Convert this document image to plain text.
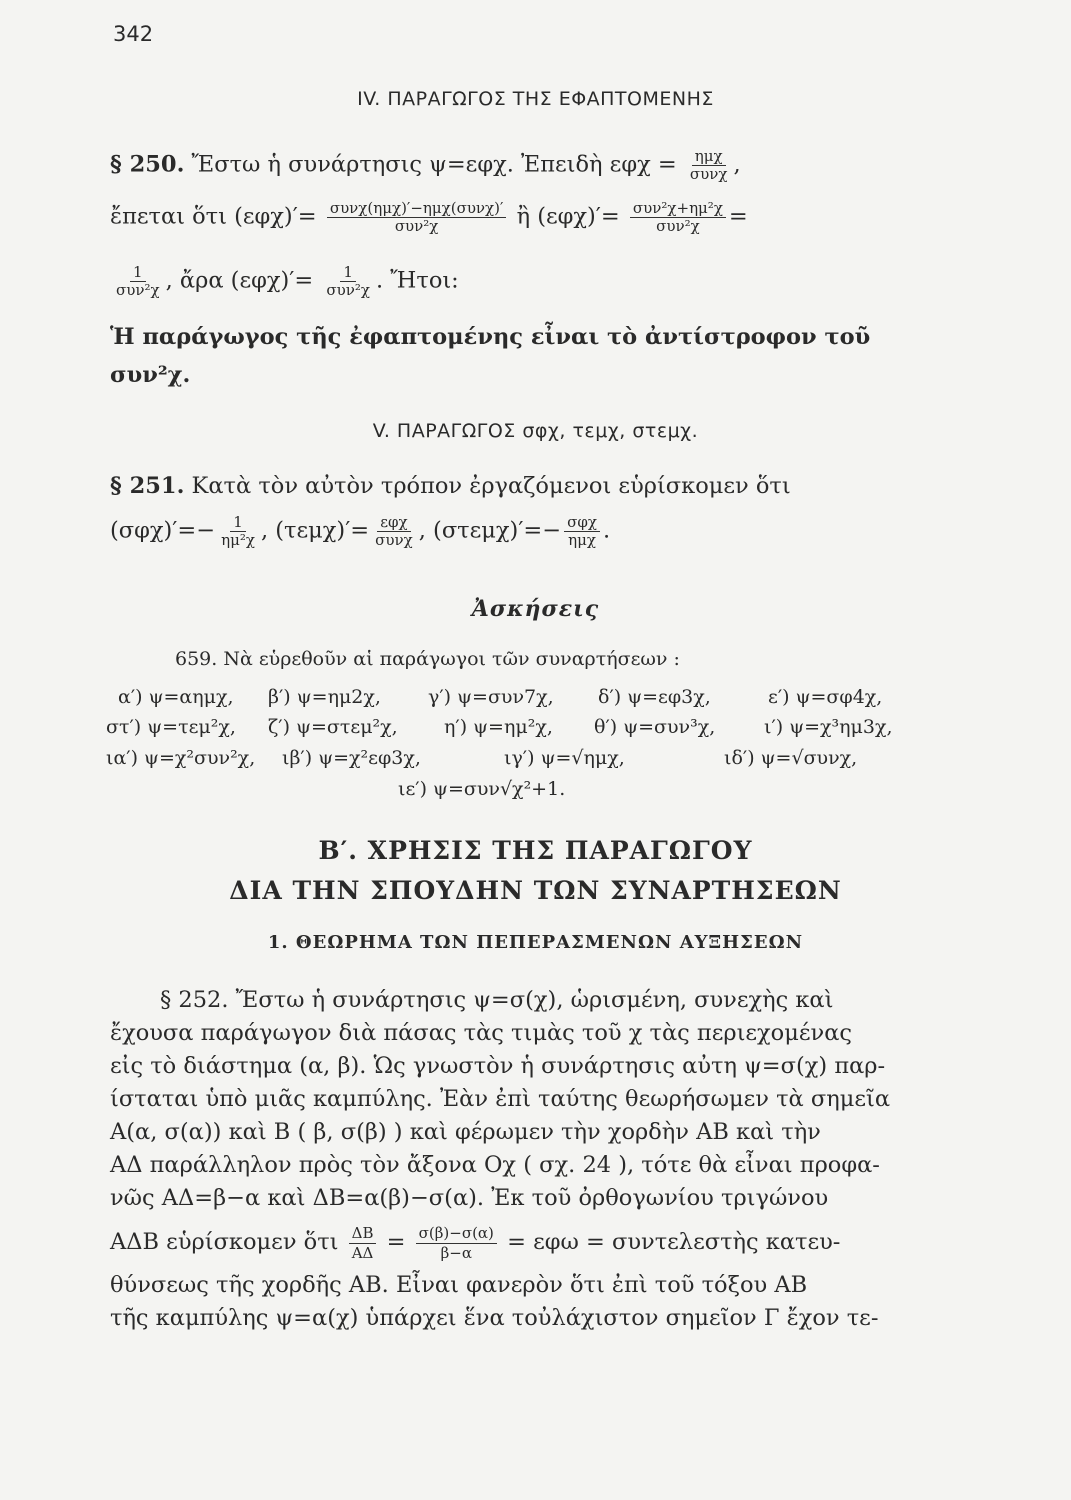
342
IV. ΠΑΡΑΓΩΓΟΣ ΤΗΣ ΕΦΑΠΤΟΜΕΝΗΣ
§ 250. Ἔστω ἡ συνάρτησις ψ=εφχ. Ἐπειδὴ $\varepsilon\varphi\chi = \frac{\text{ημχ}}{\text{συνχ}}$ ,
ἔπεται ὅτι $(\varepsilon\varphi\chi)'= \frac{\text{συνχ(ημχ)′−ημχ(συνχ)′}}{\text{συν²χ}}$ ἢ $(\varepsilon\varphi\chi)'= \frac{\text{συν²χ+ημ²χ}}{\text{συν²χ}}$ =
$\frac{1}{\text{συν²χ}}$ , ἄρα $(\varepsilon\varphi\chi)'= \frac{1}{\text{συν²χ}}$ . Ἤτοι:
Ἡ παράγωγος τῆς ἐφαπτομένης εἶναι τὸ ἀντίστροφον τοῦ συν²χ.
V. ΠΑΡΑΓΩΓΟΣ σφχ, τεμχ, στεμχ.
§ 251. Κατὰ τὸν αὐτὸν τρόπον ἐργαζόμενοι εὑρίσκομεν ὅτι
$(\sigma\varphi\chi)'=- \frac{1}{\text{ημ²χ}}$ , $(\tau\varepsilon\mu\chi)'= \frac{\text{εφχ}}{\text{συνχ}}$ , $(\sigma\tau\varepsilon\mu\chi)'=- \frac{\text{σφχ}}{\text{ημχ}}$ .
Ἀσκήσεις
659. Νὰ εὑρεθοῦν αἱ παράγωγοι τῶν συναρτήσεων :
α′) ψ=αημχ, β′) ψ=ημ2χ, γ′) ψ=συν7χ, δ′) ψ=εφ3χ,	ε′) ψ=σφ4χ,
στ′) ψ=τεμ²χ, ζ′) ψ=στεμ²χ, η′) ψ=ημ²χ, θ′) ψ=συν³χ,	ι′) ψ=χ³ημ3χ,
ια′) ψ=χ²συν²χ, ιβ′) ψ=χ²εφ3χ,	ιγ′) ψ=√ημχ,	ιδ′) ψ=√συνχ,
ιε′) ψ=συν√χ²+1.
Β′. ΧΡΗΣΙΣ ΤΗΣ ΠΑΡΑΓΩΓΟΥ
ΔΙΑ ΤΗΝ ΣΠΟΥΔΗΝ ΤΩΝ ΣΥΝΑΡΤΗΣΕΩΝ
1. ΘΕΩΡΗΜΑ ΤΩΝ ΠΕΠΕΡΑΣΜΕΝΩΝ ΑΥΞΗΣΕΩΝ
§ 252. Ἔστω ἡ συνάρτησις ψ=σ(χ), ὡρισμένη, συνεχὴς καὶ
ἔχουσα παράγωγον διὰ πάσας τὰς τιμὰς τοῦ χ τὰς περιεχομένας
εἰς τὸ διάστημα (α, β). Ὡς γνωστὸν ἡ συνάρτησις αὐτη ψ=σ(χ) παρ-
ίσταται ὑπὸ μιᾶς καμπύλης. Ἐὰν ἐπὶ ταύτης θεωρήσωμεν τὰ σημεῖα
Α(α, σ(α)) καὶ Β ( β, σ(β) ) καὶ φέρωμεν τὴν χορδὴν ΑΒ καὶ τὴν
ΑΔ παράλληλον πρὸς τὸν ἄξονα Οχ ( σχ. 24 ), τότε θὰ εἶναι προφα-
νῶς ΑΔ=β−α καὶ ΔΒ=α(β)−σ(α). Ἐκ τοῦ ὀρθογωνίου τριγώνου
ΑΔΒ εὑρίσκομεν ὅτι $\frac{\Delta B}{A\Delta} = \frac{\sigma(\beta)-\sigma(\alpha)}{\beta-\alpha} = \varepsilon\varphi\omega$ = συντελεστὴς κατευ-
θύνσεως τῆς χορδῆς ΑΒ. Εἶναι φανερὸν ὅτι ἐπὶ τοῦ τόξου ΑΒ
τῆς καμπύλης ψ=α(χ) ὑπάρχει ἕνα τοὐλάχιστον σημεῖον Γ ἔχον τε-
